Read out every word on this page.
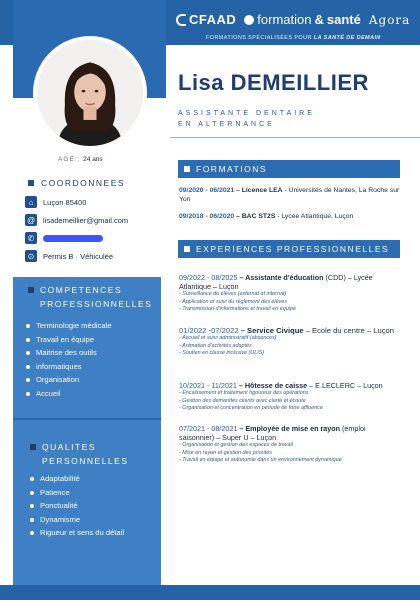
CFAAD formation & santé Agora
FORMATIONS SPÉCIALISÉES POUR LA SANTÉ DE DEMAIN
AGE : 24 ans
COORDONNEES
⌂	Luçon 85400
@ lisademeillier@gmail.com
✆
⊙	Permis B · Véhiculée
COMPETENCES
PROFESSIONNELLES
Terminologie médicale
Travail en équipe
Maitrise des outils
informatiques
Organisation
Accueil
QUALITES
PERSONNELLES
Adaptabilité
Patience
Ponctualité
Dynamisme
Rigueur et sens du détail
Lisa DEMEILLIER
ASSISTANTE DENTAIRE
EN ALTERNANCE
FORMATIONS
09/2020 - 06/2021 – Licence LEA - Universités de Nantes, La Roche sur Yon
09/2018 - 06/2020 – BAC ST2S - Lycée Atlantique, Luçon
EXPERIENCES PROFESSIONNELLES
09/2022 - 08/2025 – Assistante d'éducation (CDD) – Lycée Atlantique – Luçon
- Surveillance de élèves (externat et internat)
- Application et suivi du règlement des élèves
- Transmission d'informations et travail en équipe
01/2022 -07/2022 – Service Civique – Ecole du centre – Luçon
- Accueil et suivi administratif (absences)
- Animation d'activités adaptés
- Soutien en classe inclusive (ULIS)
10/2021 - 11/2021 – Hôtesse de caisse – E.LECLERC – Luçon
- Encaissement et traitement rigoureux des opérations
- Gestion des demandes clients avec clarté et écoute
- Organisation et concentration en période de forte affluence
07/2021 - 08/2021 – Employée de mise en rayon (emploi saisonnier) – Super U – Luçon
- Organisation et gestion des espaces de travail
- Mise en rayon et gestion des priorités
- Travail en équipe et autonomie dans un environnement dynamique
